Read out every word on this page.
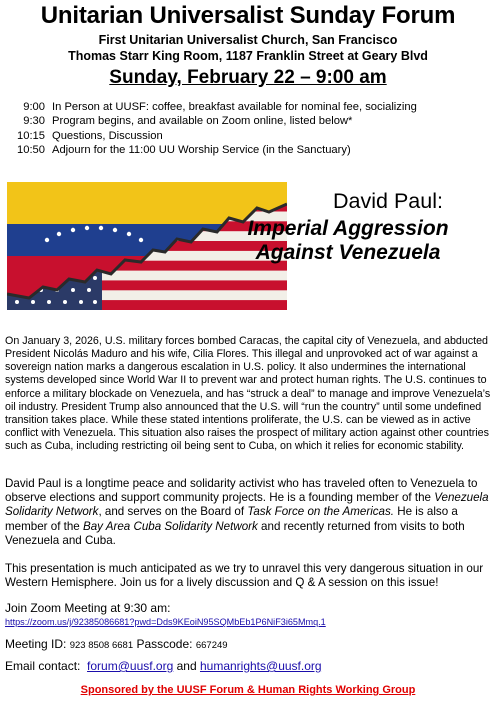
Unitarian Universalist Sunday Forum
First Unitarian Universalist Church, San Francisco
Thomas Starr King Room, 1187 Franklin Street at Geary Blvd
Sunday, February 22 – 9:00 am
9:00 In Person at UUSF: coffee, breakfast available for nominal fee, socializing
9:30 Program begins, and available on Zoom online, listed below*
10:15 Questions, Discussion
10:50 Adjourn for the 11:00 UU Worship Service (in the Sanctuary)
David Paul:
Imperial Aggression
Against Venezuela
On January 3, 2026, U.S. military forces bombed Caracas, the capital city of Venezuela, and abducted President Nicolás Maduro and his wife, Cilia Flores. This illegal and unprovoked act of war against a sovereign nation marks a dangerous escalation in U.S. policy. It also undermines the international systems developed since World War II to prevent war and protect human rights. The U.S. continues to enforce a military blockade on Venezuela, and has “struck a deal” to manage and improve Venezuela’s oil industry. President Trump also announced that the U.S. will “run the country” until some undefined transition takes place. While these stated intentions proliferate, the U.S. can be viewed as in active conflict with Venezuela. This situation also raises the prospect of military action against other countries such as Cuba, including restricting oil being sent to Cuba, on which it relies for economic stability.
David Paul is a longtime peace and solidarity activist who has traveled often to Venezuela to observe elections and support community projects. He is a founding member of the Venezuela Solidarity Network, and serves on the Board of Task Force on the Americas. He is also a member of the Bay Area Cuba Solidarity Network and recently returned from visits to both Venezuela and Cuba.
This presentation is much anticipated as we try to unravel this very dangerous situation in our Western Hemisphere. Join us for a lively discussion and Q & A session on this issue!
Join Zoom Meeting at 9:30 am:
https://zoom.us/j/92385086681?pwd=Dds9KEoiN95SQMbEb1P6NiF3i65Mmq.1
Meeting ID: 923 8508 6681 Passcode: 667249
Email contact: forum@uusf.org and humanrights@uusf.org
Sponsored by the UUSF Forum & Human Rights Working Group
